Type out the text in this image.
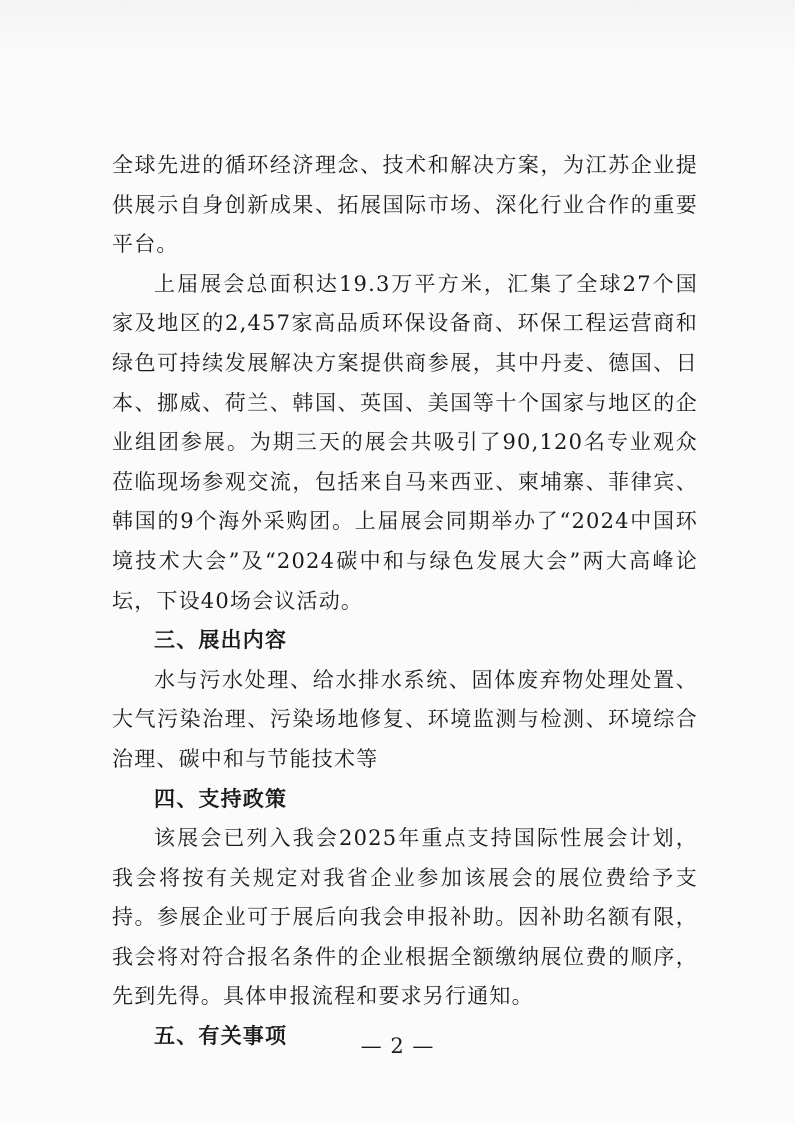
全球先进的循环经济理念、技术和解决方案，为江苏企业提供展示自身创新成果、拓展国际市场、深化行业合作的重要平台。

上届展会总面积达19.3万平方米，汇集了全球27个国家及地区的2,457家高品质环保设备商、环保工程运营商和绿色可持续发展解决方案提供商参展，其中丹麦、德国、日本、挪威、荷兰、韩国、英国、美国等十个国家与地区的企业组团参展。为期三天的展会共吸引了90,120名专业观众莅临现场参观交流，包括来自马来西亚、柬埔寨、菲律宾、韩国的9个海外采购团。上届展会同期举办了“2024中国环境技术大会”及“2024碳中和与绿色发展大会”两大高峰论坛，下设40场会议活动。

三、展出内容

水与污水处理、给水排水系统、固体废弃物处理处置、大气污染治理、污染场地修复、环境监测与检测、环境综合治理、碳中和与节能技术等

四、支持政策

该展会已列入我会2025年重点支持国际性展会计划，我会将按有关规定对我省企业参加该展会的展位费给予支持。参展企业可于展后向我会申报补助。因补助名额有限，我会将对符合报名条件的企业根据全额缴纳展位费的顺序，先到先得。具体申报流程和要求另行通知。

五、有关事项	— 2 —
